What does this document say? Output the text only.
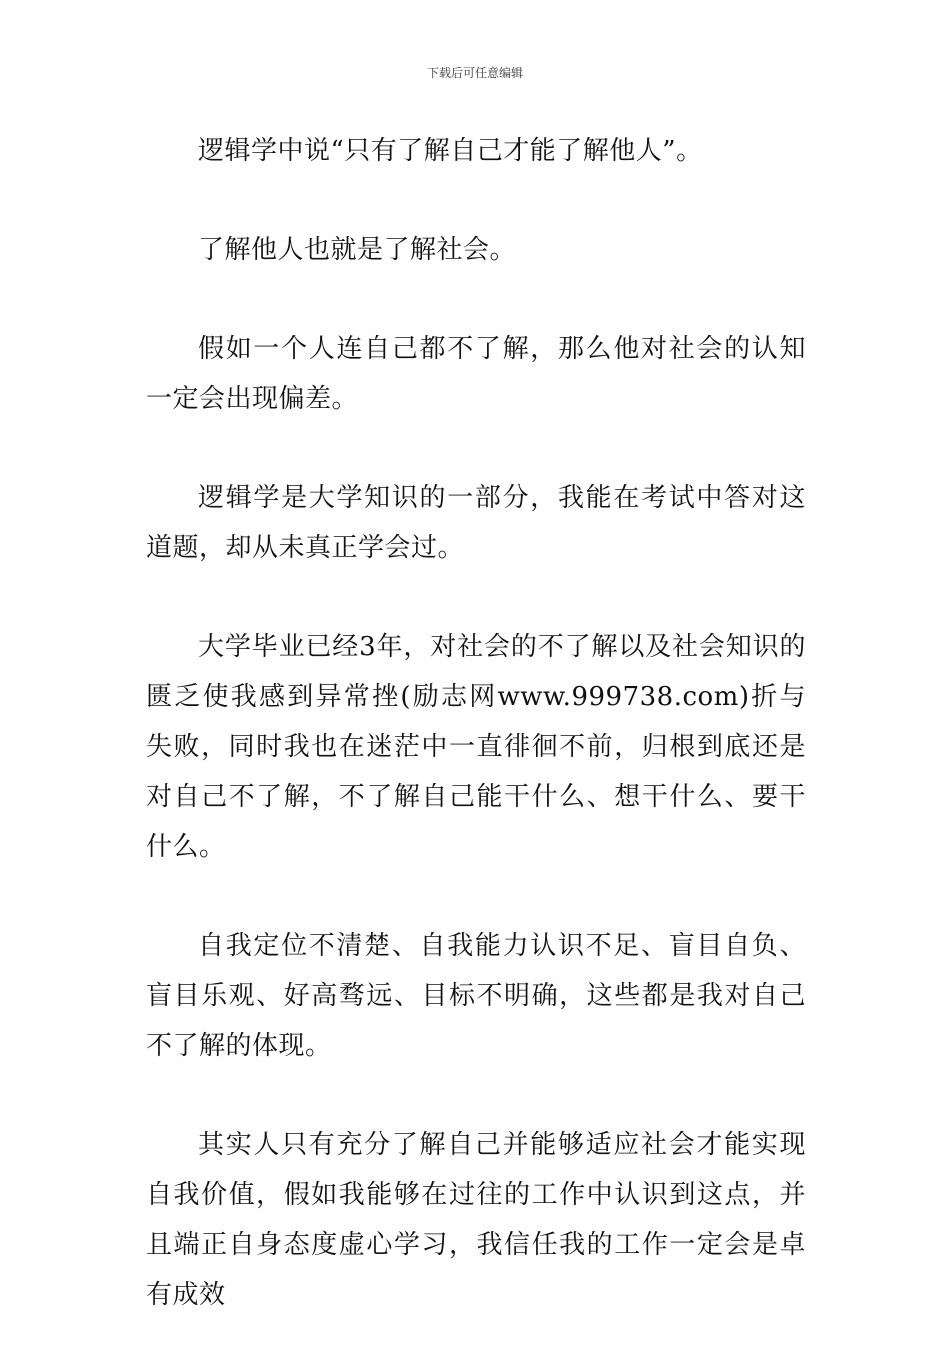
下载后可任意编辑

逻辑学中说“只有了解自己才能了解他人”。

了解他人也就是了解社会。

假如一个人连自己都不了解，那么他对社会的认知一定会出现偏差。

逻辑学是大学知识的一部分，我能在考试中答对这道题，却从未真正学会过。

大学毕业已经3年，对社会的不了解以及社会知识的匮乏使我感到异常挫(励志网www.999738.com)折与失败，同时我也在迷茫中一直徘徊不前，归根到底还是对自己不了解，不了解自己能干什么、想干什么、要干什么。

自我定位不清楚、自我能力认识不足、盲目自负、盲目乐观、好高骛远、目标不明确，这些都是我对自己不了解的体现。

其实人只有充分了解自己并能够适应社会才能实现自我价值，假如我能够在过往的工作中认识到这点，并且端正自身态度虚心学习，我信任我的工作一定会是卓有成效
